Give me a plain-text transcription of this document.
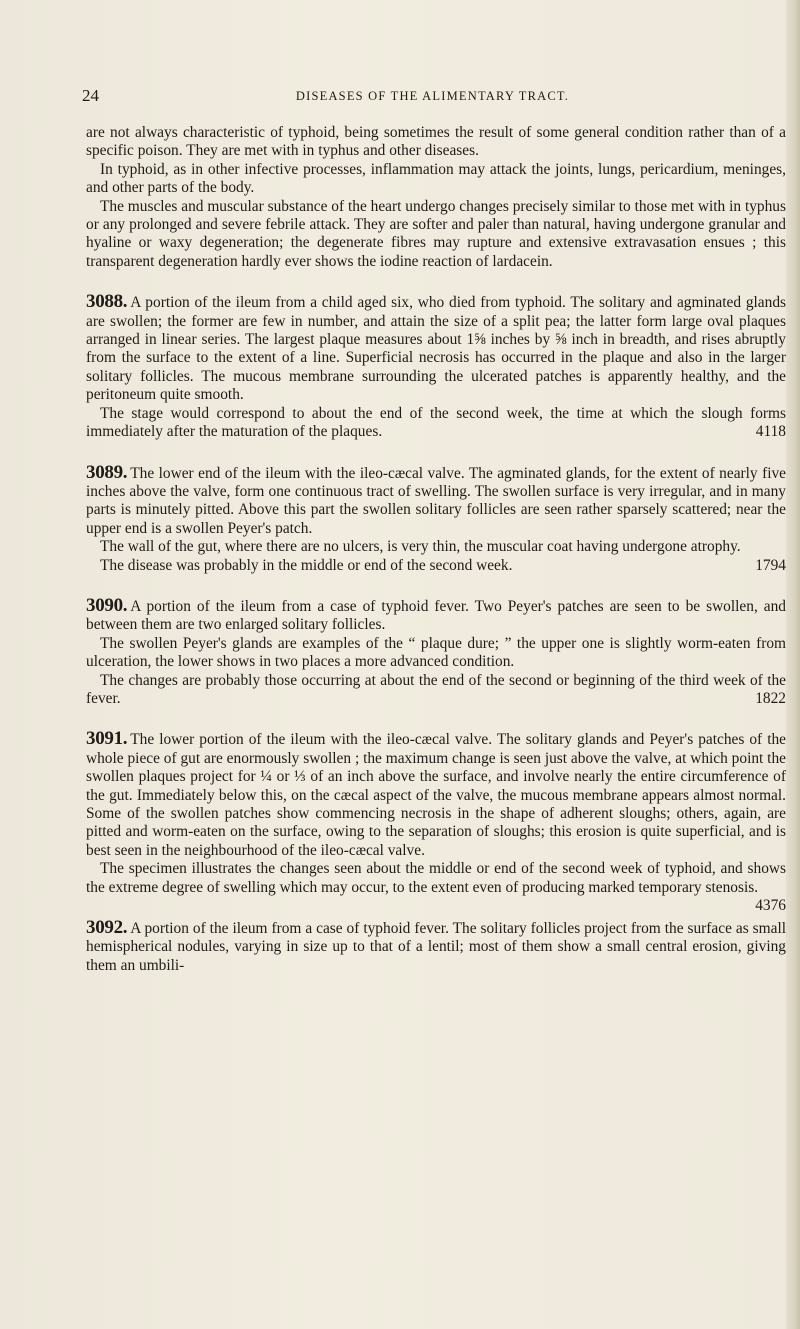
24	DISEASES OF THE ALIMENTARY TRACT.

are not always characteristic of typhoid, being sometimes the result of some general condition rather than of a specific poison. They are met with in typhus and other diseases.

In typhoid, as in other infective processes, inflammation may attack the joints, lungs, pericardium, meninges, and other parts of the body.

The muscles and muscular substance of the heart undergo changes precisely similar to those met with in typhus or any prolonged and severe febrile attack. They are softer and paler than natural, having undergone granular and hyaline or waxy degeneration; the degenerate fibres may rupture and extensive extravasation ensues ; this transparent degeneration hardly ever shows the iodine reaction of lardacein.

3088. A portion of the ileum from a child aged six, who died from typhoid. The solitary and agminated glands are swollen; the former are few in number, and attain the size of a split pea; the latter form large oval plaques arranged in linear series. The largest plaque measures about 1⅝ inches by ⅝ inch in breadth, and rises abruptly from the surface to the extent of a line. Superficial necrosis has occurred in the plaque and also in the larger solitary follicles. The mucous membrane surrounding the ulcerated patches is apparently healthy, and the peritoneum quite smooth.

The stage would correspond to about the end of the second week, the time at which the slough forms immediately after the maturation of the plaques.	4118

3089. The lower end of the ileum with the ileo-cæcal valve. The agminated glands, for the extent of nearly five inches above the valve, form one continuous tract of swelling. The swollen surface is very irregular, and in many parts is minutely pitted. Above this part the swollen solitary follicles are seen rather sparsely scattered; near the upper end is a swollen Peyer's patch.

The wall of the gut, where there are no ulcers, is very thin, the muscular coat having undergone atrophy.

The disease was probably in the middle or end of the second week.	1794

3090. A portion of the ileum from a case of typhoid fever. Two Peyer's patches are seen to be swollen, and between them are two enlarged solitary follicles.

The swollen Peyer's glands are examples of the “ plaque dure; ” the upper one is slightly worm-eaten from ulceration, the lower shows in two places a more advanced condition.

The changes are probably those occurring at about the end of the second or beginning of the third week of the fever.	1822

3091. The lower portion of the ileum with the ileo-cæcal valve. The solitary glands and Peyer's patches of the whole piece of gut are enormously swollen ; the maximum change is seen just above the valve, at which point the swollen plaques project for ¼ or ⅓ of an inch above the surface, and involve nearly the entire circumference of the gut. Immediately below this, on the cæcal aspect of the valve, the mucous membrane appears almost normal. Some of the swollen patches show commencing necrosis in the shape of adherent sloughs; others, again, are pitted and worm-eaten on the surface, owing to the separation of sloughs; this erosion is quite superficial, and is best seen in the neighbourhood of the ileo-cæcal valve.

The specimen illustrates the changes seen about the middle or end of the second week of typhoid, and shows the extreme degree of swelling which may occur, to the extent even of producing marked temporary stenosis.
4376

3092. A portion of the ileum from a case of typhoid fever. The solitary follicles project from the surface as small hemispherical nodules, varying in size up to that of a lentil; most of them show a small central erosion, giving them an umbili-
